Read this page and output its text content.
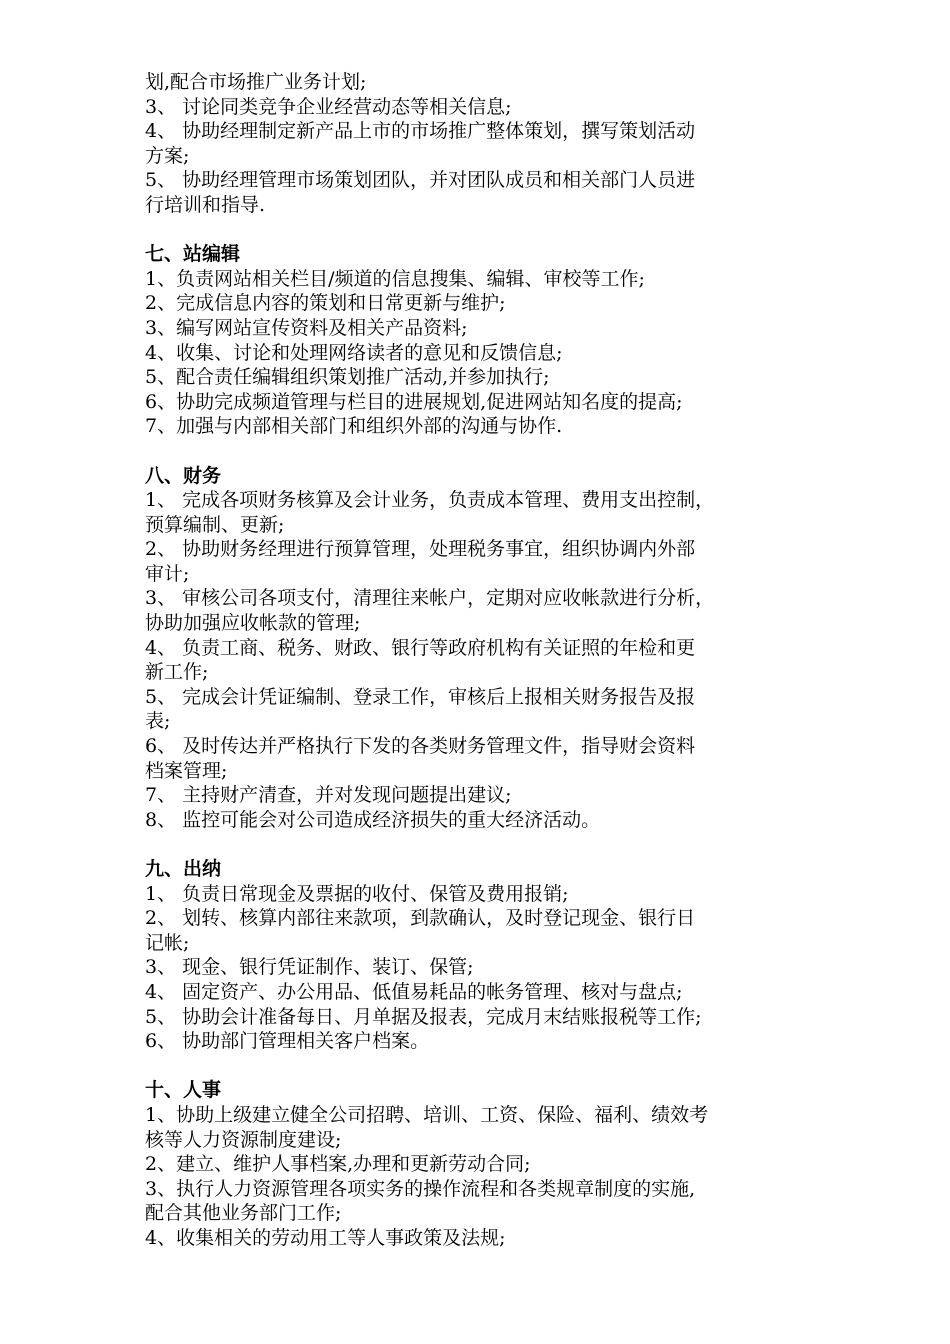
划,配合市场推广业务计划;
3、 讨论同类竞争企业经营动态等相关信息;
4、 协助经理制定新产品上市的市场推广整体策划，撰写策划活动
方案;
5、 协助经理管理市场策划团队，并对团队成员和相关部门人员进
行培训和指导.
七、站编辑
1、负责网站相关栏目/频道的信息搜集、编辑、审校等工作;
2、完成信息内容的策划和日常更新与维护;
3、编写网站宣传资料及相关产品资料;
4、收集、讨论和处理网络读者的意见和反馈信息;
5、配合责任编辑组织策划推广活动,并参加执行;
6、协助完成频道管理与栏目的进展规划,促进网站知名度的提高;
7、加强与内部相关部门和组织外部的沟通与协作.
八、财务
1、 完成各项财务核算及会计业务，负责成本管理、费用支出控制，
预算编制、更新;
2、 协助财务经理进行预算管理，处理税务事宜，组织协调内外部
审计;
3、 审核公司各项支付，清理往来帐户，定期对应收帐款进行分析，
协助加强应收帐款的管理;
4、 负责工商、税务、财政、银行等政府机构有关证照的年检和更
新工作;
5、 完成会计凭证编制、登录工作，审核后上报相关财务报告及报
表;
6、 及时传达并严格执行下发的各类财务管理文件，指导财会资料
档案管理;
7、 主持财产清查，并对发现问题提出建议;
8、 监控可能会对公司造成经济损失的重大经济活动。
九、出纳
1、 负责日常现金及票据的收付、保管及费用报销;
2、 划转、核算内部往来款项，到款确认，及时登记现金、银行日
记帐;
3、 现金、银行凭证制作、装订、保管;
4、 固定资产、办公用品、低值易耗品的帐务管理、核对与盘点;
5、 协助会计准备每日、月单据及报表，完成月末结账报税等工作;
6、 协助部门管理相关客户档案。
十、人事
1、协助上级建立健全公司招聘、培训、工资、保险、福利、绩效考
核等人力资源制度建设;
2、建立、维护人事档案,办理和更新劳动合同;
3、执行人力资源管理各项实务的操作流程和各类规章制度的实施,
配合其他业务部门工作;
4、收集相关的劳动用工等人事政策及法规;
